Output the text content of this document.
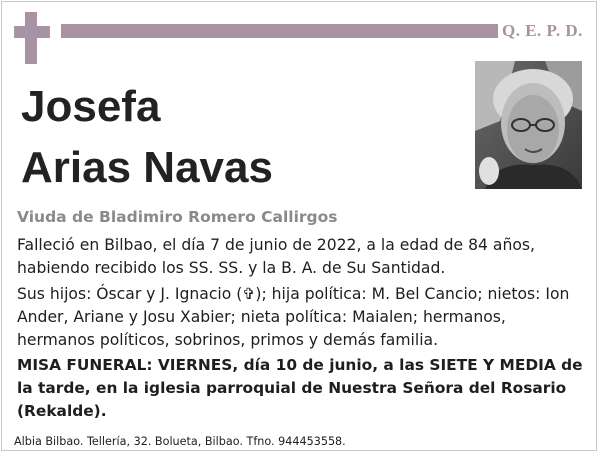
Q. E. P. D.
Josefa
Arias Navas
Viuda de Bladimiro Romero Callirgos
Falleció en Bilbao, el día 7 de junio de 2022, a la edad de 84 años, habiendo recibido los SS. SS. y la B. A. de Su Santidad.
Sus hijos: Óscar y J. Ignacio (✞); hija política: M. Bel Cancio; nietos: Ion Ander, Ariane y Josu Xabier; nieta política: Maialen; hermanos, hermanos políticos, sobrinos, primos y demás familia.
MISA FUNERAL: VIERNES, día 10 de junio, a las SIETE Y MEDIA de la tarde, en la iglesia parroquial de Nuestra Señora del Rosario (Rekalde).
Albia Bilbao. Tellería, 32. Bolueta, Bilbao. Tfno. 944453558.
